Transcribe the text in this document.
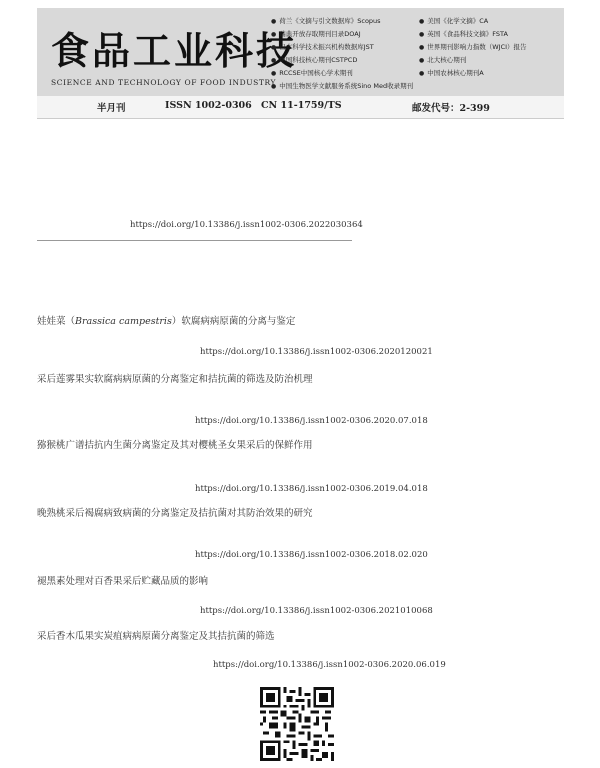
食品工业科技
SCIENCE AND TECHNOLOGY OF FOOD INDUSTRY
● 荷兰《文摘与引文数据库》Scopus
● 瑞典开放存取期刊目录DOAJ
● 日本科学技术振兴机构数据库JST
● 中国科技核心期刊CSTPCD
● RCCSE中国核心学术期刊
● 中国生物医学文献服务系统Sino Med收录期刊
● 美国《化学文摘》CA
● 英国《食品科技文摘》FSTA
● 世界期刊影响力指数（WJCI）报告
● 北大核心期刊
● 中国农林核心期刊A
半月刊	ISSN 1002-0306 CN 11-1759/TS	邮发代号：2-399
https://doi.org/10.13386/j.issn1002-0306.2022030364
娃娃菜（Brassica campestris）软腐病病原菌的分离与鉴定
https://doi.org/10.13386/j.issn1002-0306.2020120021
采后莲雾果实软腐病病原菌的分离鉴定和拮抗菌的筛选及防治机理
https://doi.org/10.13386/j.issn1002-0306.2020.07.018
猕猴桃广谱拮抗内生菌分离鉴定及其对樱桃圣女果采后的保鲜作用
https://doi.org/10.13386/j.issn1002-0306.2019.04.018
晚熟桃采后褐腐病致病菌的分离鉴定及拮抗菌对其防治效果的研究
https://doi.org/10.13386/j.issn1002-0306.2018.02.020
褪黑素处理对百香果采后贮藏品质的影响
https://doi.org/10.13386/j.issn1002-0306.2021010068
采后香木瓜果实炭疽病病原菌分离鉴定及其拮抗菌的筛选
https://doi.org/10.13386/j.issn1002-0306.2020.06.019
